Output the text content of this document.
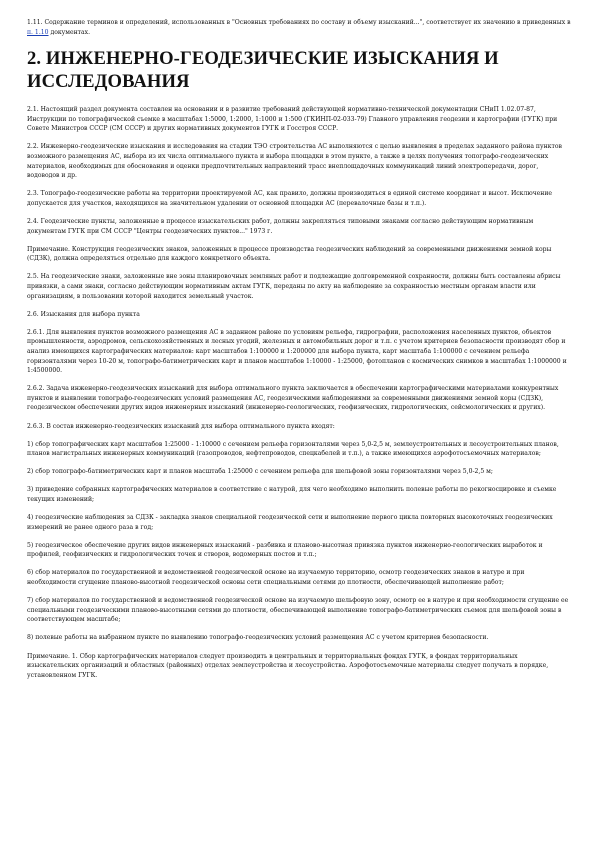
1.11. Содержание терминов и определений, использованных в "Основных требованиях по составу и объему изысканий...", соответствует их значению в приведенных в п. 1.10 документах.

2. ИНЖЕНЕРНО-ГЕОДЕЗИЧЕСКИЕ ИЗЫСКАНИЯ И ИССЛЕДОВАНИЯ

2.1. Настоящий раздел документа составлен на основании и в развитие требований действующей нормативно-технической документации СНиП 1.02.07-87, Инструкции по топографической съемке в масштабах 1:5000, 1:2000, 1:1000 и 1:500 (ГКИНП-02-033-79) Главного управления геодезии и картографии (ГУГК) при Совете Министров СССР (СМ СССР) и других нормативных документов ГУГК и Госстроя СССР.

2.2. Инженерно-геодезические изыскания и исследования на стадии ТЭО строительства АС выполняются с целью выявления в пределах заданного района пунктов возможного размещения АС, выбора из их числа оптимального пункта и выбора площадки в этом пункте, а также в целях получения топографо-геодезических материалов, необходимых для обоснования и оценки предпочтительных направлений трасс внеплощадочных коммуникаций линий электропередачи, дорог, водоводов и др.

2.3. Топографо-геодезические работы на территории проектируемой АС, как правило, должны производиться в единой системе координат и высот. Исключение допускается для участков, находящихся на значительном удалении от основной площадки АС (перевалочные базы и т.п.).

2.4. Геодезические пункты, заложенные в процессе изыскательских работ, должны закрепляться типовыми знаками согласно действующим нормативным документам ГУГК при СМ СССР "Центры геодезических пунктов..." 1973 г.

Примечание. Конструкция геодезических знаков, заложенных в процессе производства геодезических наблюдений за современными движениями земной коры (СДЗК), должна определяться отдельно для каждого конкретного объекта.

2.5. На геодезические знаки, заложенные вне зоны планировочных земляных работ и подлежащие долговременной сохранности, должны быть составлены абрисы привязки, а сами знаки, согласно действующим нормативным актам ГУГК, переданы по акту на наблюдение за сохранностью местным органам власти или организациям, в пользовании которой находится земельный участок.

2.6. Изыскания для выбора пункта

2.6.1. Для выявления пунктов возможного размещения АС в заданном районе по условиям рельефа, гидрографии, расположения населенных пунктов, объектов промышленности, аэродромов, сельскохозяйственных и лесных угодий, железных и автомобильных дорог и т.п. с учетом критериев безопасности производят сбор и анализ имеющихся картографических материалов: карт масштабов 1:100000 и 1:200000 для выбора пункта, карт масштаба 1:100000 с сечением рельефа горизонталями через 10-20 м, топографо-батиметрических карт и планов масштабов 1:10000 - 1:25000, фотопланов с космических снимков в масштабах 1:1000000 и 1:4500000.

2.6.2. Задача инженерно-геодезических изысканий для выбора оптимального пункта заключается в обеспечении картографическими материалами конкурентных пунктов и выявлении топографо-геодезических условий размещения АС, геодезическими наблюдениями за современными движениями земной коры (СДЗК), геодезическом обеспечении других видов инженерных изысканий (инженерно-геологических, геофизических, гидрологических, сейсмологических и других).

2.6.3. В состав инженерно-геодезических изысканий для выбора оптимального пункта входят:

1) сбор топографических карт масштабов 1:25000 - 1:10000 с сечением рельефа горизонталями через 5,0-2,5 м, землеустроительных и лесоустроительных планов, планов магистральных инженерных коммуникаций (газопроводов, нефтепроводов, спецкабелей и т.п.), а также имеющихся аэрофотосъемочных материалов;

2) сбор топографо-батиметрических карт и планов масштаба 1:25000 с сечением рельефа для шельфовой зоны горизонталями через 5,0-2,5 м;

3) приведение собранных картографических материалов в соответствие с натурой, для чего необходимо выполнить полевые работы по рекогносцировке и съемке текущих изменений;

4) геодезические наблюдения за СДЗК - закладка знаков специальной геодезической сети и выполнение первого цикла повторных высокоточных геодезических измерений не ранее одного раза в год;

5) геодезическое обеспечение других видов инженерных изысканий - разбивка и планово-высотная привязка пунктов инженерно-геологических выработок и профилей, геофизических и гидрологических точек и створов, водомерных постов и т.п.;

6) сбор материалов по государственной и ведомственной геодезической основе на изучаемую территорию, осмотр геодезических знаков в натуре и при необходимости сгущение планово-высотной геодезической основы сети специальными сетями до плотности, обеспечивающей выполнение работ;

7) сбор материалов по государственной и ведомственной геодезической основе на изучаемую шельфовую зону, осмотр ее в натуре и при необходимости сгущение ее специальными геодезическими планово-высотными сетями до плотности, обеспечивающей выполнение топографо-батиметрических съемок для шельфовой зоны в соответствующем масштабе;

8) полевые работы на выбранном пункте по выявлению топографо-геодезических условий размещения АС с учетом критериев безопасности.

Примечание. 1. Сбор картографических материалов следует производить в центральных и территориальных фондах ГУГК, в фондах территориальных изыскательских организаций и областных (районных) отделах землеустройства и лесоустройства. Аэрофотосъемочные материалы следует получать в порядке, установленном ГУГК.
